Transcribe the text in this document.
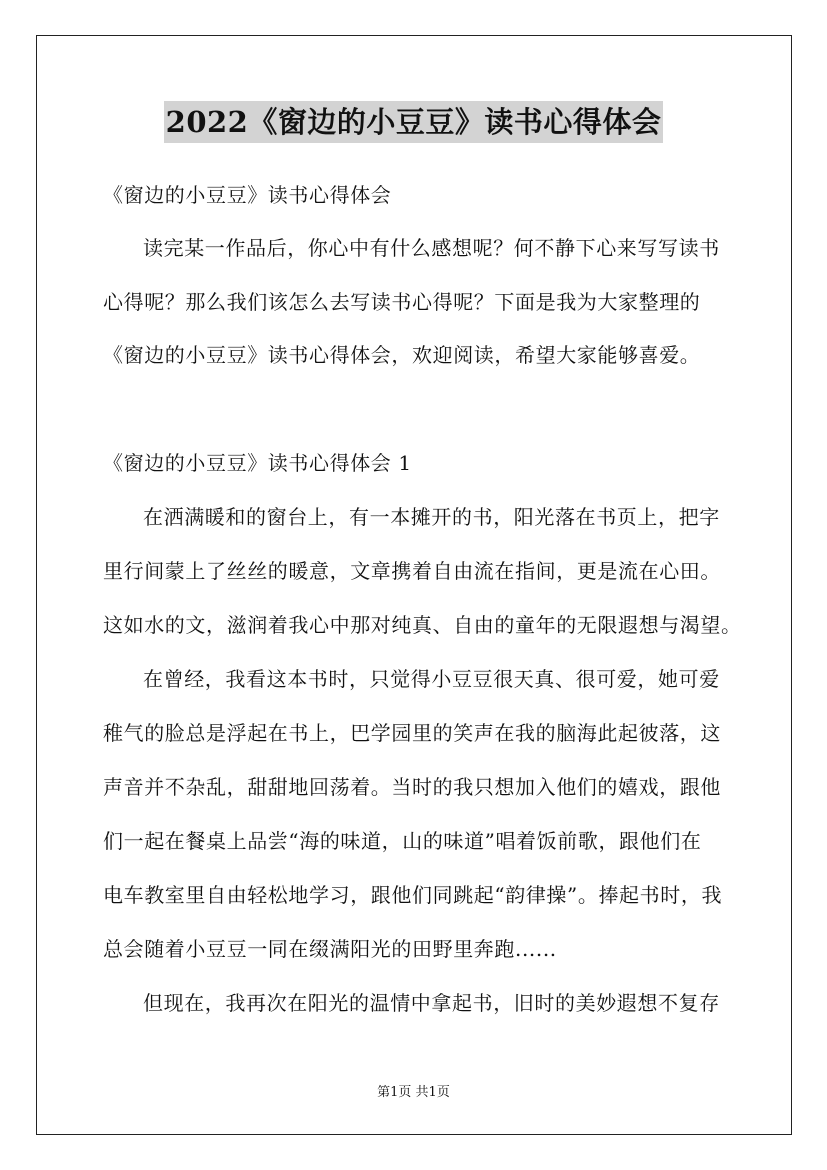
2022《窗边的小豆豆》读书心得体会
《窗边的小豆豆》读书心得体会
读完某一作品后，你心中有什么感想呢？何不静下心来写写读书
心得呢？那么我们该怎么去写读书心得呢？下面是我为大家整理的
《窗边的小豆豆》读书心得体会，欢迎阅读，希望大家能够喜爱。
《窗边的小豆豆》读书心得体会 1
在洒满暖和的窗台上，有一本摊开的书，阳光落在书页上，把字
里行间蒙上了丝丝的暖意，文章携着自由流在指间，更是流在心田。
这如水的文，滋润着我心中那对纯真、自由的童年的无限遐想与渴望。
在曾经，我看这本书时，只觉得小豆豆很天真、很可爱，她可爱
稚气的脸总是浮起在书上，巴学园里的笑声在我的脑海此起彼落，这
声音并不杂乱，甜甜地回荡着。当时的我只想加入他们的嬉戏，跟他
们一起在餐桌上品尝“海的味道，山的味道”唱着饭前歌，跟他们在
电车教室里自由轻松地学习，跟他们同跳起“韵律操”。捧起书时，我
总会随着小豆豆一同在缀满阳光的田野里奔跑......
但现在，我再次在阳光的温情中拿起书，旧时的美妙遐想不复存
第1页 共1页
